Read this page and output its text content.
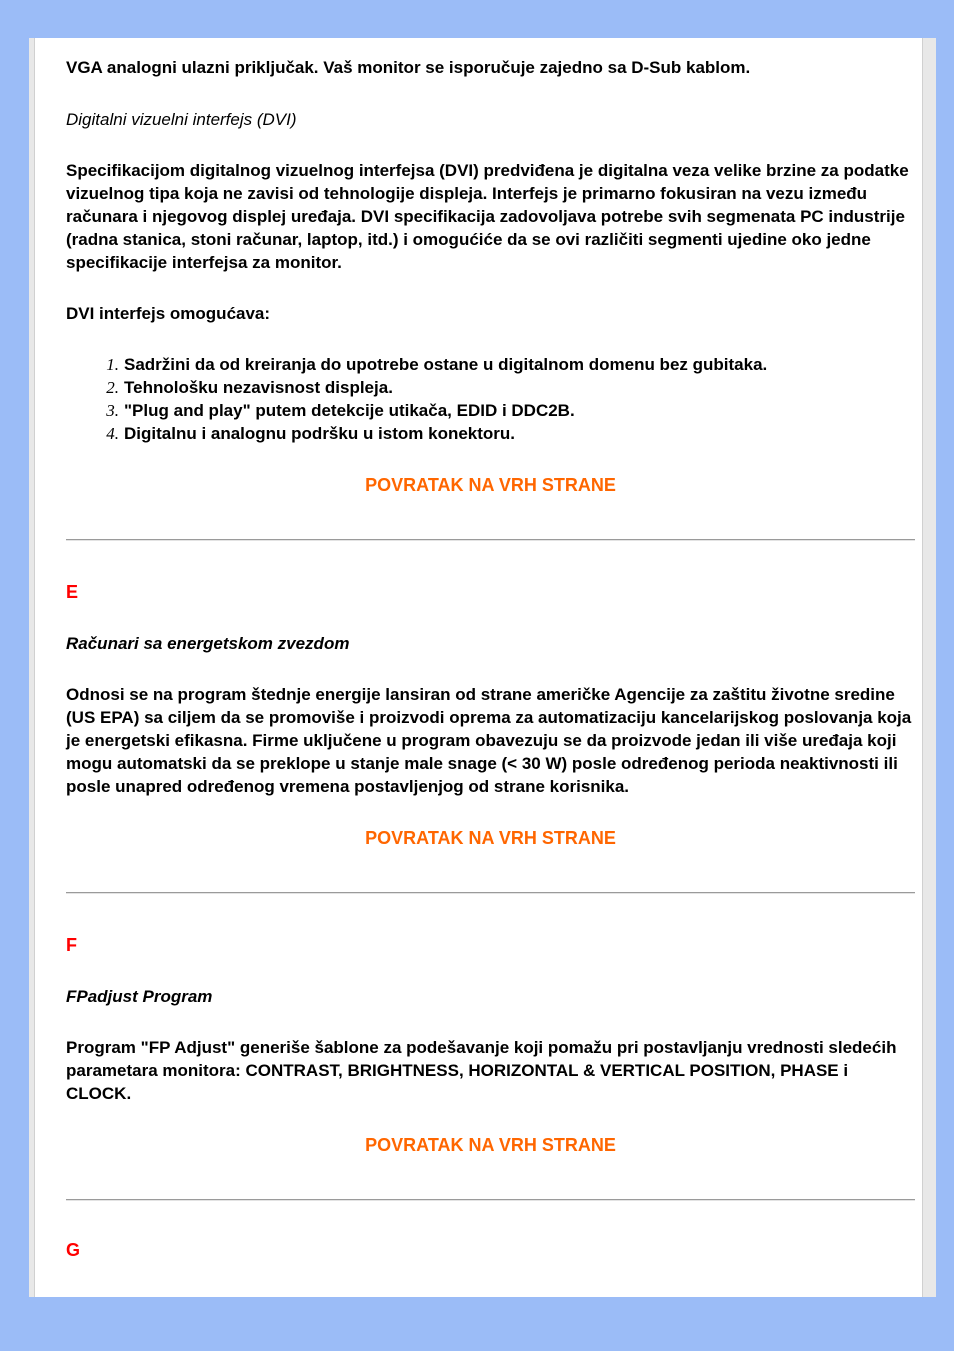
VGA analogni ulazni priključak. Vaš monitor se isporučuje zajedno sa D-Sub kablom.

Digitalni vizuelni interfejs (DVI)

Specifikacijom digitalnog vizuelnog interfejsa (DVI) predviđena je digitalna veza velike brzine za podatke vizuelnog tipa koja ne zavisi od tehnologije displeja. Interfejs je primarno fokusiran na vezu između računara i njegovog displej uređaja. DVI specifikacija zadovoljava potrebe svih segmenata PC industrije (radna stanica, stoni računar, laptop, itd.) i omogućiće da se ovi različiti segmenti ujedine oko jedne specifikacije interfejsa za monitor.

DVI interfejs omogućava:

1. Sadržini da od kreiranja do upotrebe ostane u digitalnom domenu bez gubitaka.
2. Tehnološku nezavisnost displeja.
3. "Plug and play" putem detekcije utikača, EDID i DDC2B.
4. Digitalnu i analognu podršku u istom konektoru.
POVRATAK NA VRH STRANE

E

Računari sa energetskom zvezdom

Odnosi se na program štednje energije lansiran od strane američke Agencije za zaštitu životne sredine (US EPA) sa ciljem da se promoviše i proizvodi oprema za automatizaciju kancelarijskog poslovanja koja je energetski efikasna. Firme uključene u program obavezuju se da proizvode jedan ili više uređaja koji mogu automatski da se preklope u stanje male snage (< 30 W) posle određenog perioda neaktivnosti ili posle unapred određenog vremena postavljenjog od strane korisnika.

POVRATAK NA VRH STRANE

F

FPadjust Program

Program "FP Adjust" generiše šablone za podešavanje koji pomažu pri postavljanju vrednosti sledećih parametara monitora: CONTRAST, BRIGHTNESS, HORIZONTAL & VERTICAL POSITION, PHASE i CLOCK.

POVRATAK NA VRH STRANE

G
